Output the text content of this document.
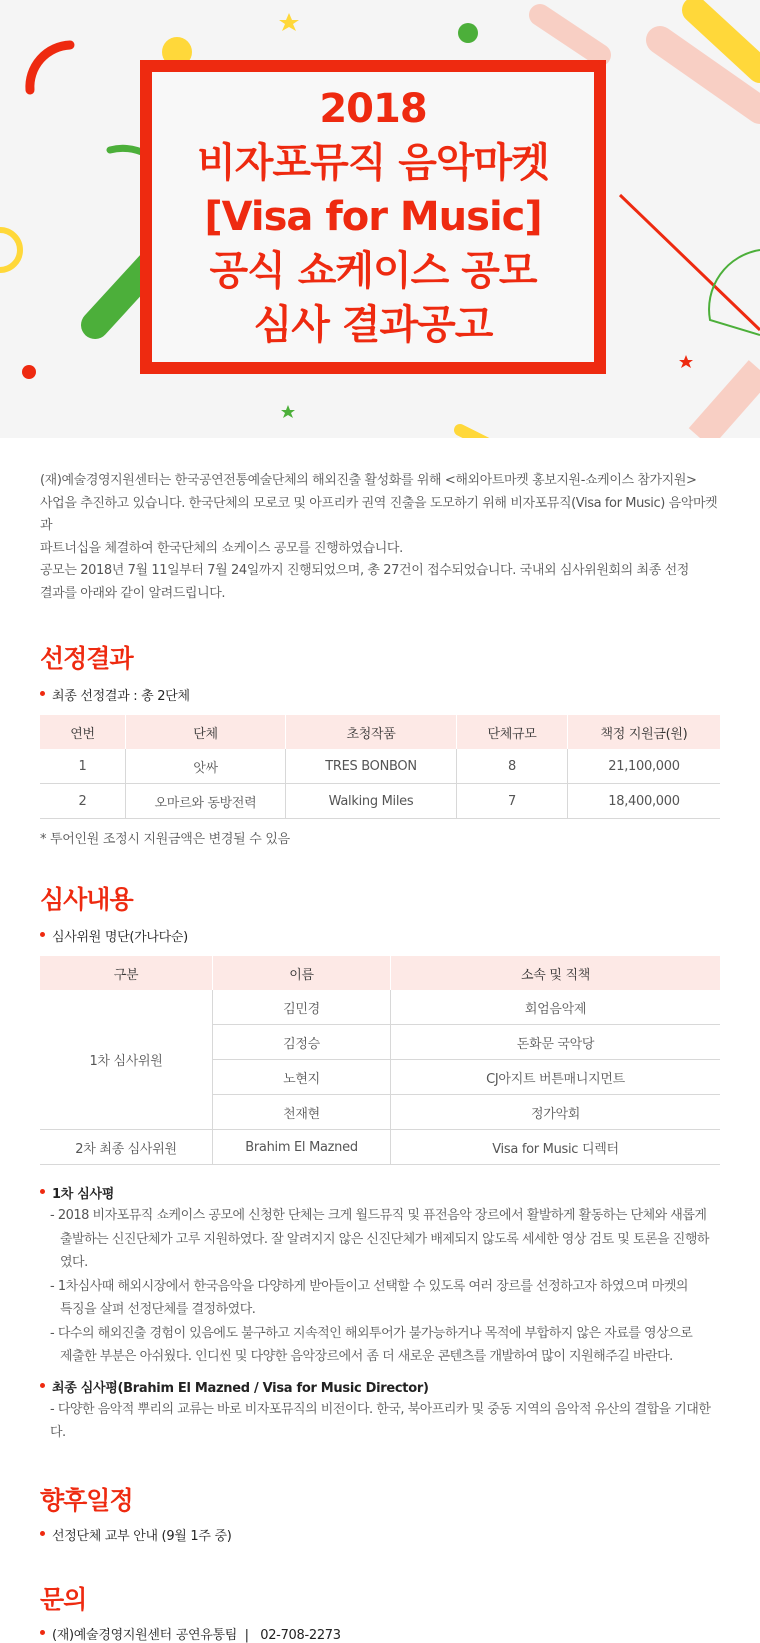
2018
비자포뮤직 음악마켓
[Visa for Music]
공식 쇼케이스 공모
심사 결과공고

(재)예술경영지원센터는 한국공연전통예술단체의 해외진출 활성화를 위해 <해외아트마켓 홍보지원-쇼케이스 참가지원>

사업을 추진하고 있습니다. 한국단체의 모로코 및 아프리카 권역 진출을 도모하기 위해 비자포뮤직(Visa for Music) 음악마켓과

파트너십을 체결하여 한국단체의 쇼케이스 공모를 진행하였습니다.

공모는 2018년 7월 11일부터 7월 24일까지 진행되었으며, 총 27건이 접수되었습니다. 국내외 심사위원회의 최종 선정

결과를 아래와 같이 알려드립니다.

선정결과
최종 선정결과 : 총 2단체
연번	단체	초청작품	단체규모	책정 지원금(원)
1	앗싸	TRES BONBON	8	21,100,000
2	오마르와 동방전력	Walking Miles	7	18,400,000
* 투어인원 조정시 지원금액은 변경될 수 있음
심사내용
심사위원 명단(가나다순)
구분	이름	소속 및 직책
1차 심사위원	김민경	회엄음악제
	김정승	돈화문 국악당
	노현지	CJ아지트 버튼매니지먼트
	천재현	정가악회
2차 최종 심사위원	Brahim El Mazned	Visa for Music 디렉터
1차 심사평

- 2018 비자포뮤직 쇼케이스 공모에 신청한 단체는 크게 월드뮤직 및 퓨전음악 장르에서 활발하게 활동하는 단체와 새롭게

출발하는 신진단체가 고루 지원하였다. 잘 알려지지 않은 신진단체가 배제되지 않도록 세세한 영상 검토 및 토론을 진행하였다.

- 1차심사때 해외시장에서 한국음악을 다양하게 받아들이고 선택할 수 있도록 여러 장르를 선정하고자 하였으며 마켓의

특징을 살펴 선정단체를 결정하였다.

- 다수의 해외진출 경험이 있음에도 불구하고 지속적인 해외투어가 불가능하거나 목적에 부합하지 않은 자료를 영상으로

제출한 부분은 아쉬웠다. 인디씬 및 다양한 음악장르에서 좀 더 새로운 콘텐츠를 개발하여 많이 지원해주길 바란다.

최종 심사평(Brahim El Mazned / Visa for Music Director)

- 다양한 음악적 뿌리의 교류는 바로 비자포뮤직의 비전이다. 한국, 북아프리카 및 중동 지역의 음악적 유산의 결합을 기대한다.

향후일정
선정단체 교부 안내 (9월 1주 중)
문의
(재)예술경영지원센터 공연유통팀  |   02-708-2273
